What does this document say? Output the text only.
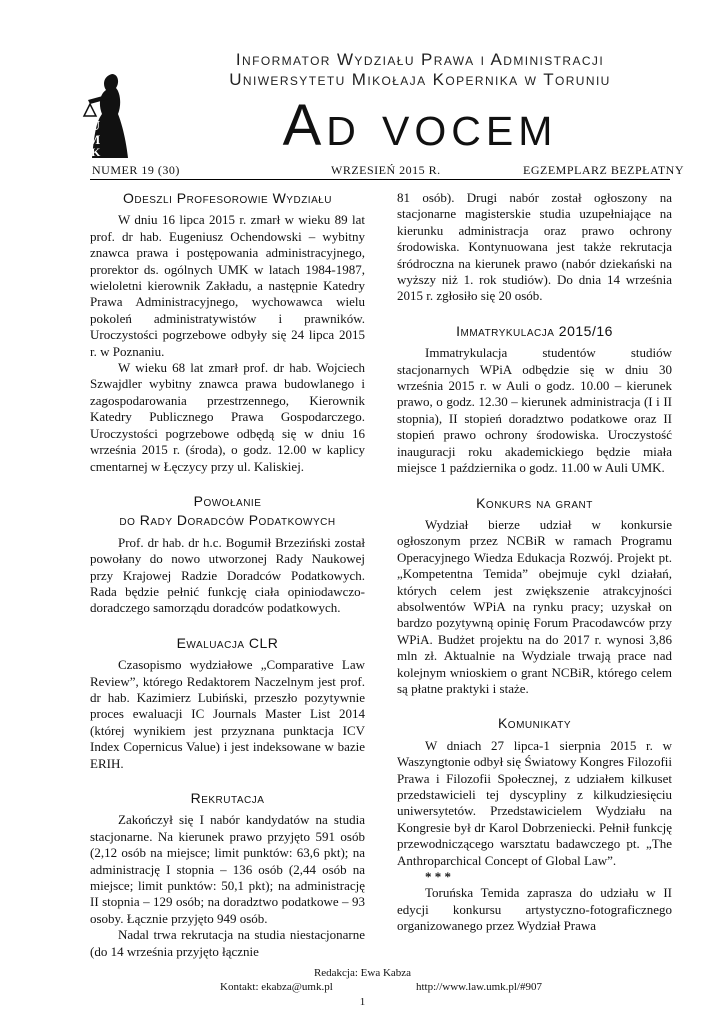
U
M
K
Informator Wydziału Prawa i Administracji
Uniwersytetu Mikołaja Kopernika w Toruniu
Ad vocem
NUMER 19 (30)	WRZESIEŃ 2015 R.	EGZEMPLARZ BEZPŁATNY
Odeszli Profesorowie Wydziału

W dniu 16 lipca 2015 r. zmarł w wieku 89 lat prof. dr hab. Eugeniusz Ochendowski – wybitny znawca prawa i postępowania administracyjnego, prorektor ds. ogólnych UMK w latach 1984-1987, wieloletni kierownik Zakładu, a następnie Katedry Prawa Administracyjnego, wychowawca wielu pokoleń administratywistów i prawników. Uroczystości pogrzebowe odbyły się 24 lipca 2015 r. w Poznaniu.

W wieku 68 lat zmarł prof. dr hab. Wojciech Szwajdler wybitny znawca prawa budowlanego i zagospodarowania przestrzennego, Kierownik Katedry Publicznego Prawa Gospodarczego. Uroczystości pogrzebowe odbędą się w dniu 16 września 2015 r. (środa), o godz. 12.00 w kaplicy cmentarnej w Łęczycy przy ul. Kaliskiej.

Powołanie
do Rady Doradców Podatkowych

Prof. dr hab. dr h.c. Bogumił Brzeziński został powołany do nowo utworzonej Rady Naukowej przy Krajowej Radzie Doradców Podatkowych. Rada będzie pełnić funkcję ciała opiniodawczo-doradczego samorządu doradców podatkowych.

Ewaluacja CLR

Czasopismo wydziałowe „Comparative Law Review”, którego Redaktorem Naczelnym jest prof. dr hab. Kazimierz Lubiński, przeszło pozytywnie proces ewaluacji IC Journals Master List 2014 (której wynikiem jest przyznana punktacja ICV Index Copernicus Value) i jest indeksowane w bazie ERIH.

Rekrutacja

Zakończył się I nabór kandydatów na studia stacjonarne. Na kierunek prawo przyjęto 591 osób (2,12 osób na miejsce; limit punktów: 63,6 pkt); na administrację I stopnia – 136 osób (2,44 osób na miejsce; limit punktów: 50,1 pkt); na administrację II stopnia – 129 osób; na doradztwo podatkowe – 93 osoby. Łącznie przyjęto 949 osób.

Nadal trwa rekrutacja na studia niestacjonarne (do 14 września przyjęto łącznie

81 osób). Drugi nabór został ogłoszony na stacjonarne magisterskie studia uzupełniające na kierunku administracja oraz prawo ochrony środowiska. Kontynuowana jest także rekrutacja śródroczna na kierunek prawo (nabór dziekański na wyższy niż 1. rok studiów). Do dnia 14 września 2015 r. zgłosiło się 20 osób.

Immatrykulacja 2015/16

Immatrykulacja studentów studiów stacjonarnych WPiA odbędzie się w dniu 30 września 2015 r. w Auli o godz. 10.00 – kierunek prawo, o godz. 12.30 – kierunek administracja (I i II stopnia), II stopień doradztwo podatkowe oraz II stopień prawo ochrony środowiska. Uroczystość inauguracji roku akademickiego będzie miała miejsce 1 października o godz. 11.00 w Auli UMK.

Konkurs na grant

Wydział bierze udział w konkursie ogłoszonym przez NCBiR w ramach Programu Operacyjnego Wiedza Edukacja Rozwój. Projekt pt. „Kompetentna Temida” obejmuje cykl działań, których celem jest zwiększenie atrakcyjności absolwentów WPiA na rynku pracy; uzyskał on bardzo pozytywną opinię Forum Pracodawców przy WPiA. Budżet projektu na do 2017 r. wynosi 3,86 mln zł. Aktualnie na Wydziale trwają prace nad kolejnym wnioskiem o grant NCBiR, którego celem są płatne praktyki i staże.

Komunikaty

W dniach 27 lipca-1 sierpnia 2015 r. w Waszyngtonie odbył się Światowy Kongres Filozofii Prawa i Filozofii Społecznej, z udziałem kilkuset przedstawicieli tej dyscypliny z kilkudziesięciu uniwersytetów. Przedstawicielem Wydziału na Kongresie był dr Karol Dobrzeniecki. Pełnił funkcję przewodniczącego warsztatu badawczego pt. „The Anthroparchical Concept of Global Law”.

* * *

Toruńska Temida zaprasza do udziału w II edycji konkursu artystyczno-fotograficznego organizowanego przez Wydział Prawa

Redakcja: Ewa Kabza
Kontakt: ekabza@umk.pl	http://www.law.umk.pl/#907
1
